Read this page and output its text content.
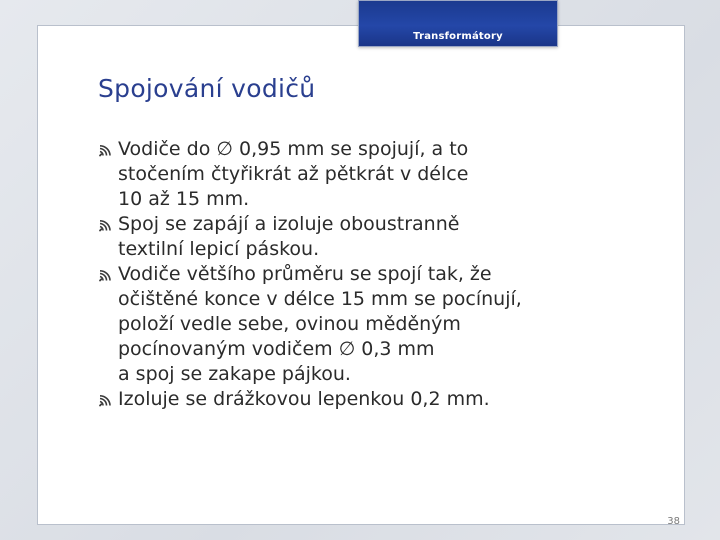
Transformátory
Spojování vodičů
Vodiče do ∅ 0,95 mm se spojují, a to
stočením čtyřikrát až pětkrát v délce
10 až 15 mm.
Spoj se zapájí a izoluje oboustranně
textilní lepicí páskou.
Vodiče většího průměru se spojí tak, že
očištěné konce v délce 15 mm se pocínují,
položí vedle sebe, ovinou měděným
pocínovaným vodičem ∅ 0,3 mm
a spoj se zakape pájkou.
Izoluje se drážkovou lepenkou 0,2 mm.
38
